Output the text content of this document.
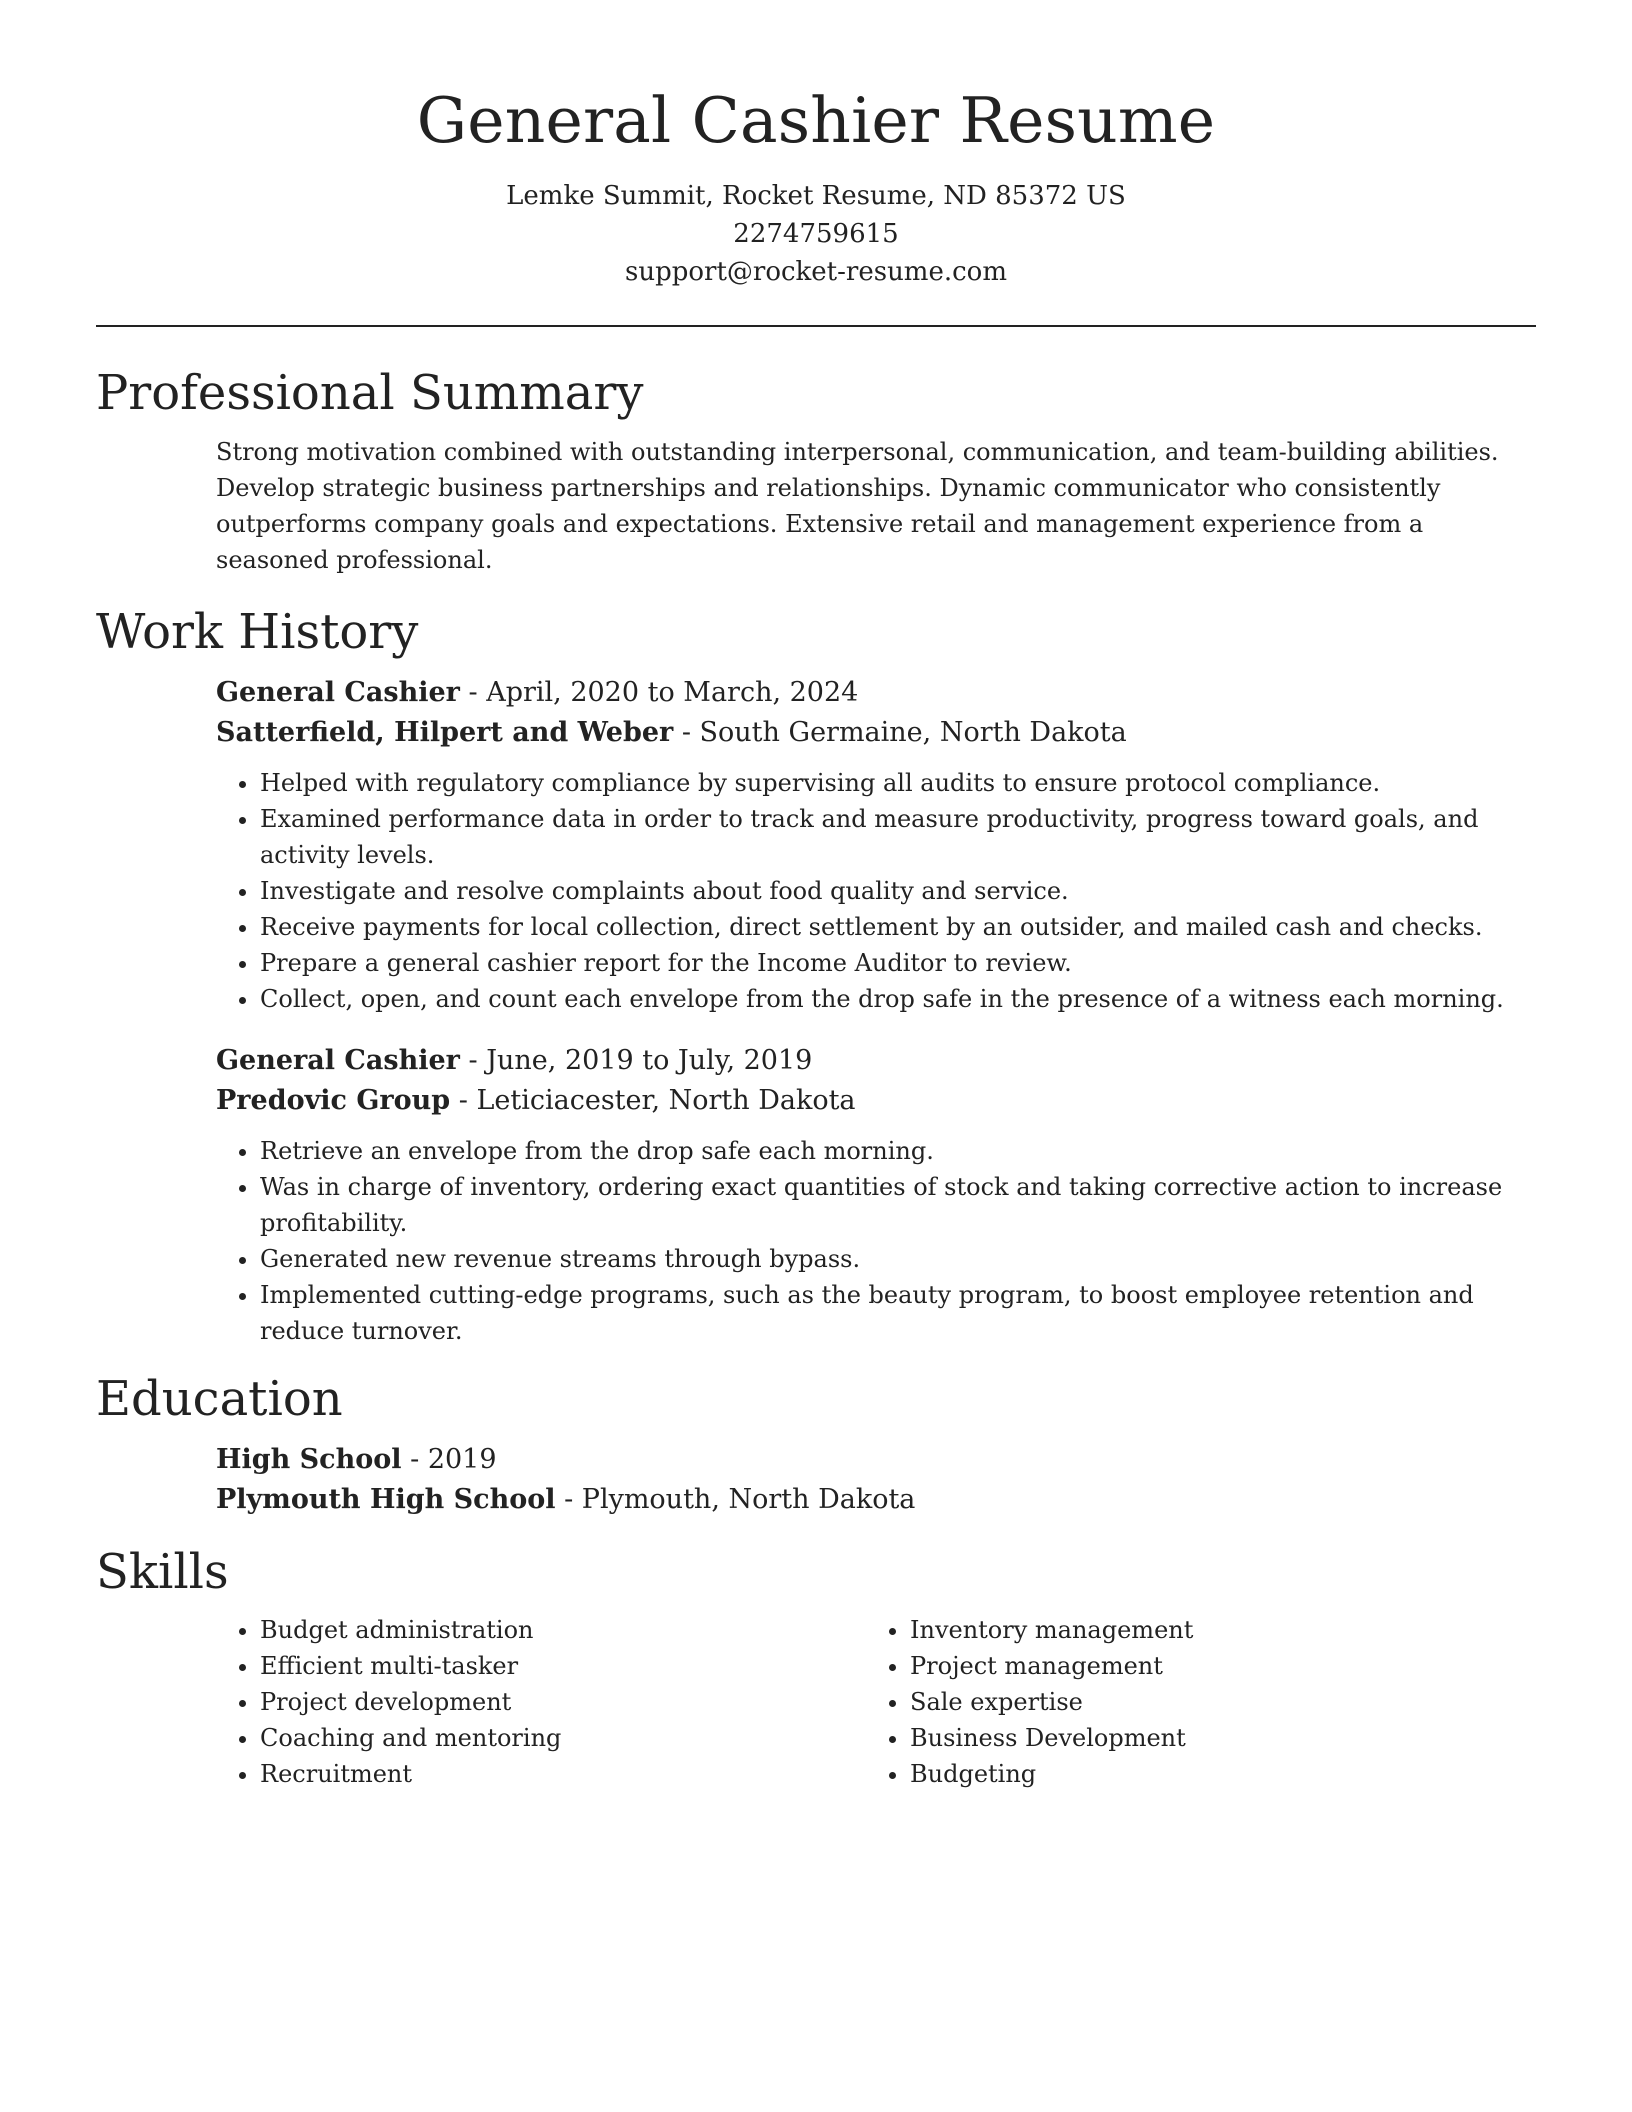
General Cashier Resume

Lemke Summit, Rocket Resume, ND 85372 US

2274759615

support@rocket-resume.com

Professional Summary

Strong motivation combined with outstanding interpersonal, communication, and team-building abilities. Develop strategic business partnerships and relationships. Dynamic communicator who consistently outperforms company goals and expectations. Extensive retail and management experience from a seasoned professional.

Work History

General Cashier - April, 2020 to March, 2024

Satterfield, Hilpert and Weber - South Germaine, North Dakota

• Helped with regulatory compliance by supervising all audits to ensure protocol compliance.
• Examined performance data in order to track and measure productivity, progress toward goals, and activity levels.
• Investigate and resolve complaints about food quality and service.
• Receive payments for local collection, direct settlement by an outsider, and mailed cash and checks.
• Prepare a general cashier report for the Income Auditor to review.
• Collect, open, and count each envelope from the drop safe in the presence of a witness each morning.

General Cashier - June, 2019 to July, 2019

Predovic Group - Leticiacester, North Dakota

• Retrieve an envelope from the drop safe each morning.
• Was in charge of inventory, ordering exact quantities of stock and taking corrective action to increase profitability.
• Generated new revenue streams through bypass.
• Implemented cutting-edge programs, such as the beauty program, to boost employee retention and reduce turnover.
Education

High School - 2019

Plymouth High School - Plymouth, North Dakota

Skills
• Budget administration
• Efficient multi-tasker
• Project development
• Coaching and mentoring
• Recruitment
• Inventory management
• Project management
• Sale expertise
• Business Development
• Budgeting
